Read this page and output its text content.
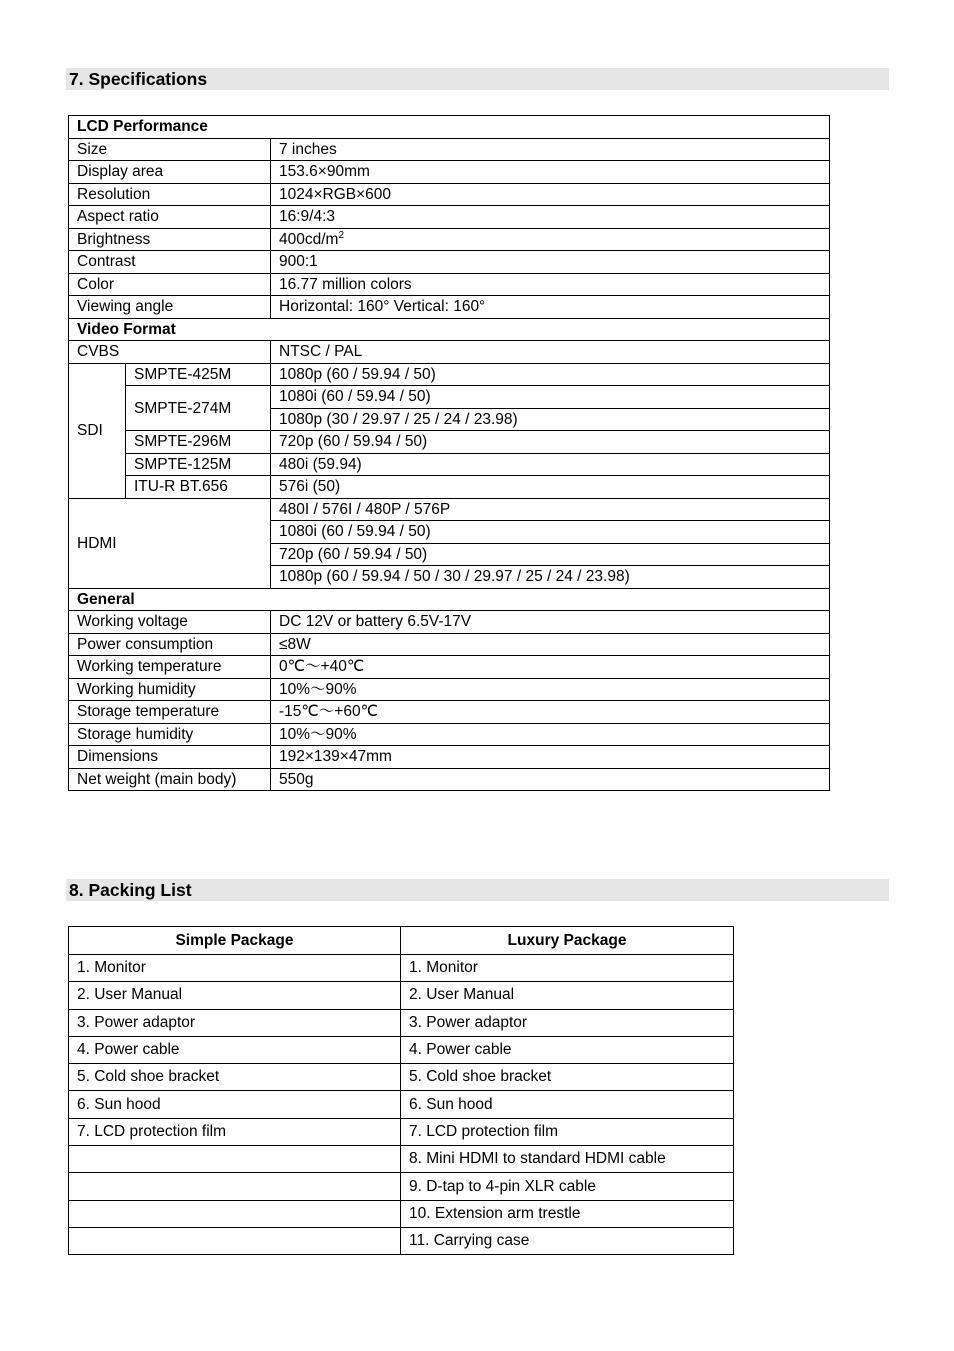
7. Specifications
LCD Performance		
Size		7 inches
Display area		153.6×90mm
Resolution		1024×RGB×600
Aspect ratio		16:9/4:3
Brightness		$400cd/m^2$
Contrast		900:1
Color		16.77 million colors
Viewing angle		Horizontal: 160° Vertical: 160°
Video Format		
CVBS		NTSC / PAL
SDI	SMPTE-425M	1080p (60 / 59.94 / 50)
	SMPTE-274M	1080i (60 / 59.94 / 50)
		1080p (30 / 29.97 / 25 / 24 / 23.98)
	SMPTE-296M	720p (60 / 59.94 / 50)
	SMPTE-125M	480i (59.94)
	ITU-R BT.656	576i (50)
HDMI		480I / 576I / 480P / 576P
		1080i (60 / 59.94 / 50)
		720p (60 / 59.94 / 50)
		1080p (60 / 59.94 / 50 / 30 / 29.97 / 25 / 24 / 23.98)
General		
Working voltage		DC 12V or battery 6.5V-17V
Power consumption		≤8W
Working temperature		0℃～+40℃
Working humidity		10%～90%
Storage temperature		-15℃～+60℃
Storage humidity		10%～90%
Dimensions		192×139×47mm
Net weight (main body)		550g
8. Packing List
Simple Package	Luxury Package
1. Monitor	1. Monitor
2. User Manual	2. User Manual
3. Power adaptor	3. Power adaptor
4. Power cable	4. Power cable
5. Cold shoe bracket	5. Cold shoe bracket
6. Sun hood	6. Sun hood
7. LCD protection film	7. LCD protection film
	8. Mini HDMI to standard HDMI cable
	9. D-tap to 4-pin XLR cable
	10. Extension arm trestle
	11. Carrying case
